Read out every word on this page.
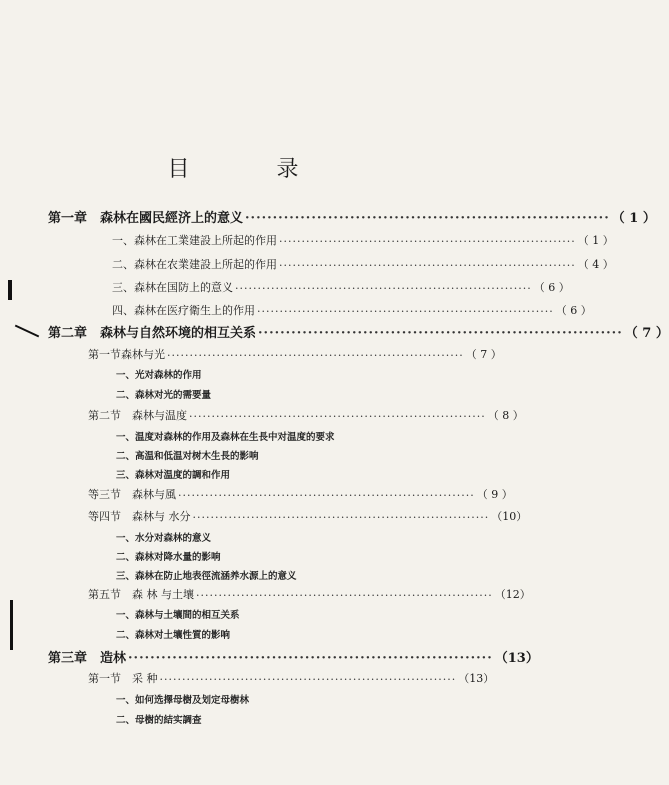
目 录
第一章　森林在國民經济上的意义 ·································································· （ 1 ）
一、森林在工業建設上所起的作用 ·································································· （ 1 ）
二、森林在农業建設上所起的作用 ·································································· （ 4 ）
三、森林在国防上的意义 ·································································· （ 6 ）
四、森林在医疗衛生上的作用 ·································································· （ 6 ）
第二章　森林与自然环境的相互关系 ·································································· （ 7 ）
第一节森林与光 ·································································· （ 7 ）
一、光对森林的作用
二、森林对光的需要量
第二节　森林与温度 ·································································· （ 8 ）
一、温度对森林的作用及森林在生長中对温度的要求
二、高温和低温对树木生長的影响
三、森林对温度的調和作用
等三节　森林与風 ·································································· （ 9 ）
等四节　森林与 水分 ·································································· （10）
一、水分对森林的意义
二、森林对降水量的影响
三、森林在防止地表徑流涵养水源上的意义
第五节　森 林 与土壤 ·································································· （12）
一、森林与土壤間的相互关系
二、森林对土壤性質的影响
第三章　造林 ·································································· （13）
第一节　采 种 ·································································· （13）
一、如何选擇母樹及划定母樹林
二、母樹的結实調查
